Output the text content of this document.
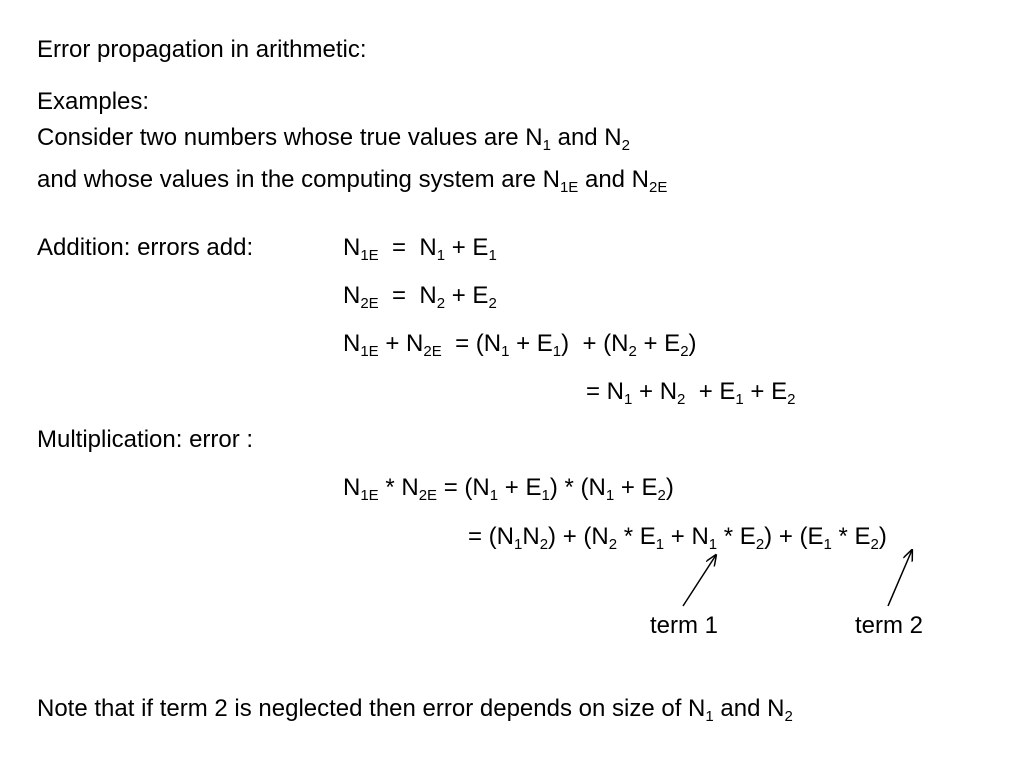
Error propagation in arithmetic:
Examples:
Consider two numbers whose true values are $N_1$ and $N_2$
and whose values in the computing system are $N_{1E}$ and $N_{2E}$
Addition: errors add:	$N_{1E} = N_1 + E_1$
$N_{2E} = N_2 + E_2$
$N_{1E} + N_{2E} = (N_1 + E_1) + (N_2 + E_2)$
= $N_1 + N_2 + E_1 + E_2$
Multiplication: error :
$N_{1E} * N_{2E} = (N_1 + E_1) * (N_1 + E_2)$
= $(N_1N_2) + (N_2 * E_1 + N_1 * E_2) + (E_1 * E_2)$
term 1	term 2
Note that if term 2 is neglected then error depends on size of $N_1$ and $N_2$
